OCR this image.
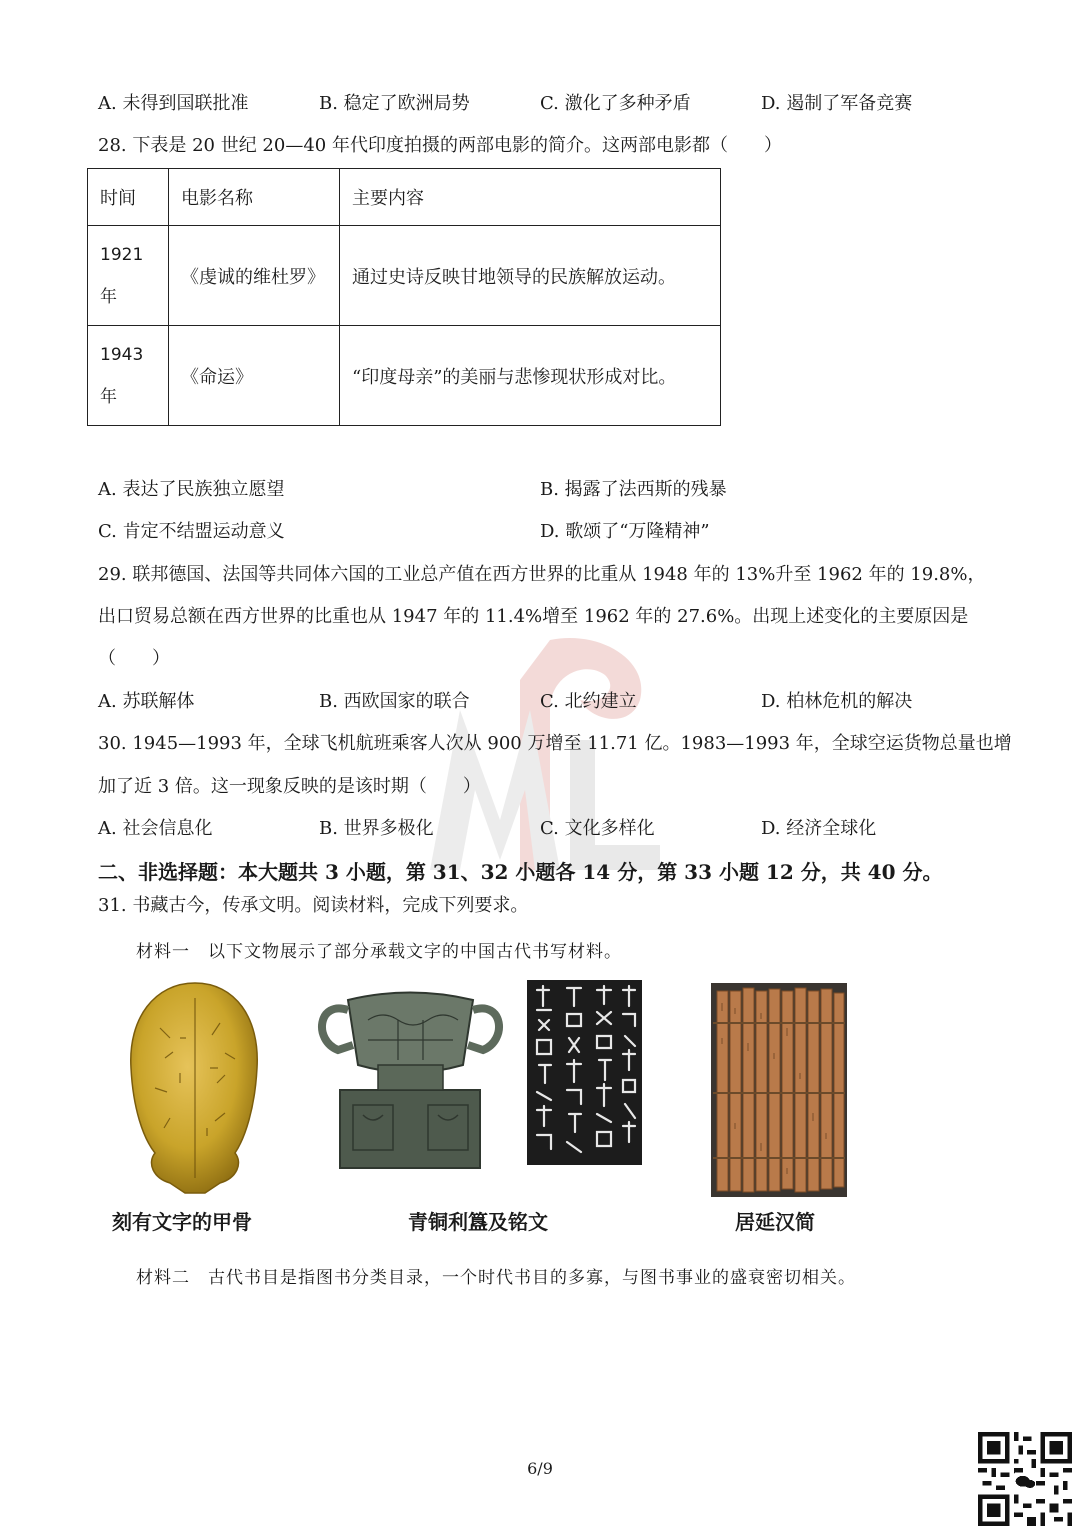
A. 未得到国联批准	B. 稳定了欧洲局势	C. 激化了多种矛盾	D. 遏制了军备竞赛
28. 下表是 20 世纪 20—40 年代印度拍摄的两部电影的简介。这两部电影都（　　）
时间	电影名称	主要内容

1921
年	《虔诚的维杜罗》	通过史诗反映甘地领导的民族解放运动。

1943
年	《命运》	“印度母亲”的美丽与悲惨现状形成对比。
A. 表达了民族独立愿望	B. 揭露了法西斯的残暴
C. 肯定不结盟运动意义	D. 歌颂了“万隆精神”
29. 联邦德国、法国等共同体六国的工业总产值在西方世界的比重从 1948 年的 13%升至 1962 年的 19.8%，
出口贸易总额在西方世界的比重也从 1947 年的 11.4%增至 1962 年的 27.6%。出现上述变化的主要原因是
（　　）
A. 苏联解体	B. 西欧国家的联合	C. 北约建立	D. 柏林危机的解决
30. 1945—1993 年，全球飞机航班乘客人次从 900 万增至 11.71 亿。1983—1993 年，全球空运货物总量也增
加了近 3 倍。这一现象反映的是该时期（　　）
A. 社会信息化	B. 世界多极化	C. 文化多样化	D. 经济全球化
二、非选择题：本大题共 3 小题，第 31、32 小题各 14 分，第 33 小题 12 分，共 40 分。
31. 书藏古今，传承文明。阅读材料，完成下列要求。
材料一　以下文物展示了部分承载文字的中国古代书写材料。
刻有文字的甲骨	青铜利簋及铭文	居延汉简
材料二　古代书目是指图书分类目录，一个时代书目的多寡，与图书事业的盛衰密切相关。
6/9
